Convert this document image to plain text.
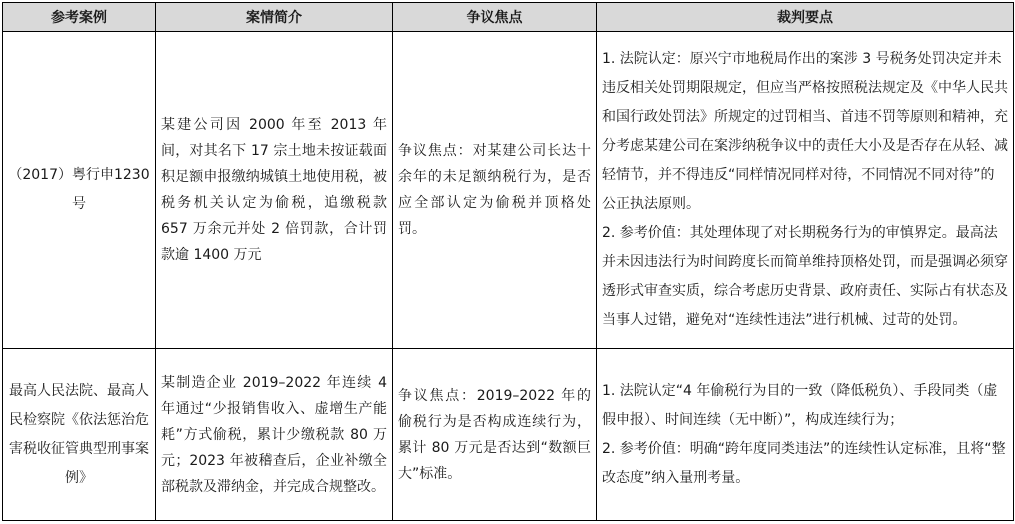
参考案例	案情简介	争议焦点	裁判要点
（2017）粤行申1230号	某建公司因 2000 年至 2013 年间，对其名下 17 宗土地未按证载面积足额申报缴纳城镇土地使用税，被税务机关认定为偷税，追缴税款 657 万余元并处 2 倍罚款，合计罚款逾 1400 万元	争议焦点：对某建公司长达十余年的未足额纳税行为，是否应全部认定为偷税并顶格处罚。	1. 法院认定：原兴宁市地税局作出的案涉 3 号税务处罚决定并未违反相关处罚期限规定，但应当严格按照税法规定及《中华人民共和国行政处罚法》所规定的过罚相当、首违不罚等原则和精神，充分考虑某建公司在案涉纳税争议中的责任大小及是否存在从轻、减轻情节，并不得违反“同样情况同样对待，不同情况不同对待”的公正执法原则。
2. 参考价值：其处理体现了对长期税务行为的审慎界定。最高法并未因违法行为时间跨度长而简单维持顶格处罚，而是强调必须穿透形式审查实质，综合考虑历史背景、政府责任、实际占有状态及当事人过错，避免对“连续性违法”进行机械、过苛的处罚。

最高人民法院、最高人民检察院《依法惩治危害税收征管典型刑事案例》	某制造企业 2019–2022 年连续 4 年通过“少报销售收入、虚增生产能耗”方式偷税，累计少缴税款 80 万元；2023 年被稽查后，企业补缴全部税款及滞纳金，并完成合规整改。	争议焦点：2019–2022 年的偷税行为是否构成连续行为，累计 80 万元是否达到“数额巨大”标准。	1. 法院认定“4 年偷税行为目的一致（降低税负）、手段同类（虚假申报）、时间连续（无中断）”，构成连续行为；
2. 参考价值：明确“跨年度同类违法”的连续性认定标准，且将“整改态度”纳入量刑考量。
